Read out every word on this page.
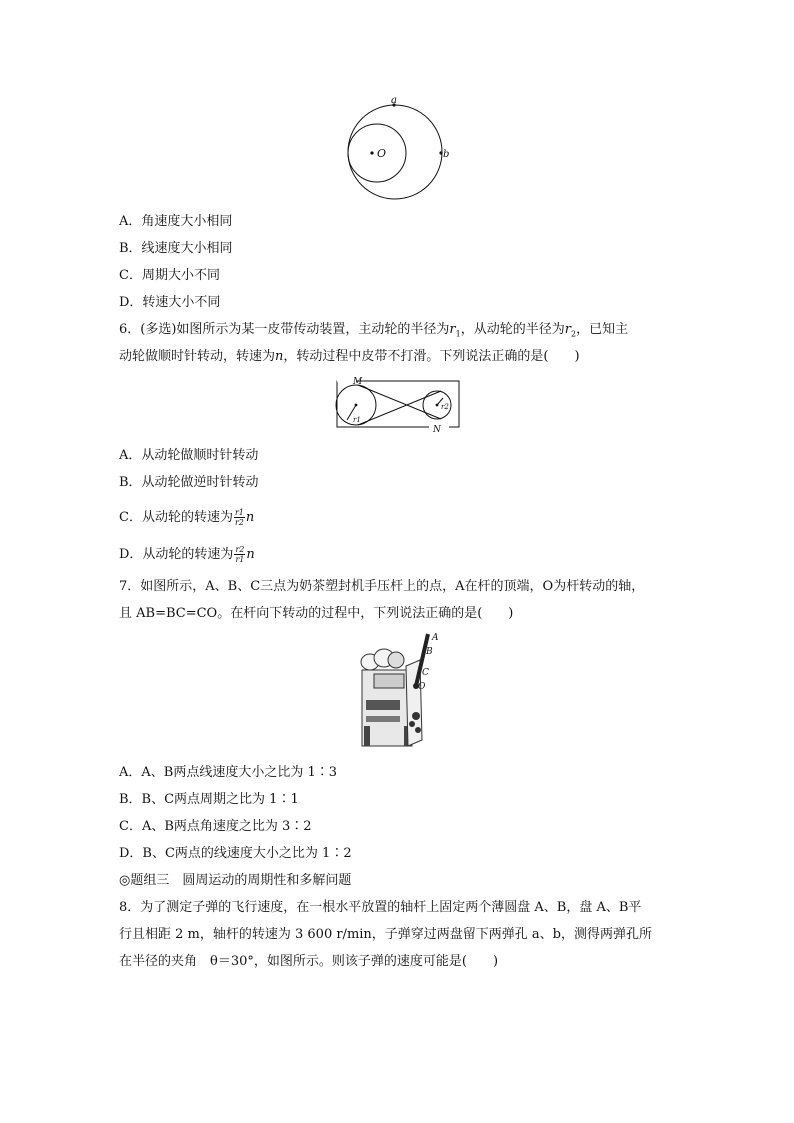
O
a
b
A．角速度大小相同
B．线速度大小相同
C．周期大小不同
D．转速大小不同
6．(多选)如图所示为某一皮带传动装置，主动轮的半径为$r_1$，从动轮的半径为$r_2$，已知主
动轮做顺时针转动，转速为n，转动过程中皮带不打滑。下列说法正确的是(　　)
M
N
r1
r2
A．从动轮做顺时针转动
B．从动轮做逆时针转动
C．从动轮的转速为 $\frac{r1}{r2}$ n
D．从动轮的转速为 $\frac{r2}{r1}$ n
7．如图所示，A、B、C三点为奶茶塑封机手压杆上的点，A在杆的顶端，O为杆转动的轴，
且 AB=BC=CO。在杆向下转动的过程中，下列说法正确的是(　　)
A
B
C
O
A．A、B两点线速度大小之比为 1∶3
B．B、C两点周期之比为 1∶1
C．A、B两点角速度之比为 3∶2
D．B、C两点的线速度大小之比为 1∶2
◎题组三　圆周运动的周期性和多解问题
8．为了测定子弹的飞行速度，在一根水平放置的轴杆上固定两个薄圆盘 A、B，盘 A、B平
行且相距 2 m，轴杆的转速为 3 600 r/min，子弹穿过两盘留下两弹孔 a、b，测得两弹孔所
在半径的夹角　θ＝30°，如图所示。则该子弹的速度可能是(　　)
